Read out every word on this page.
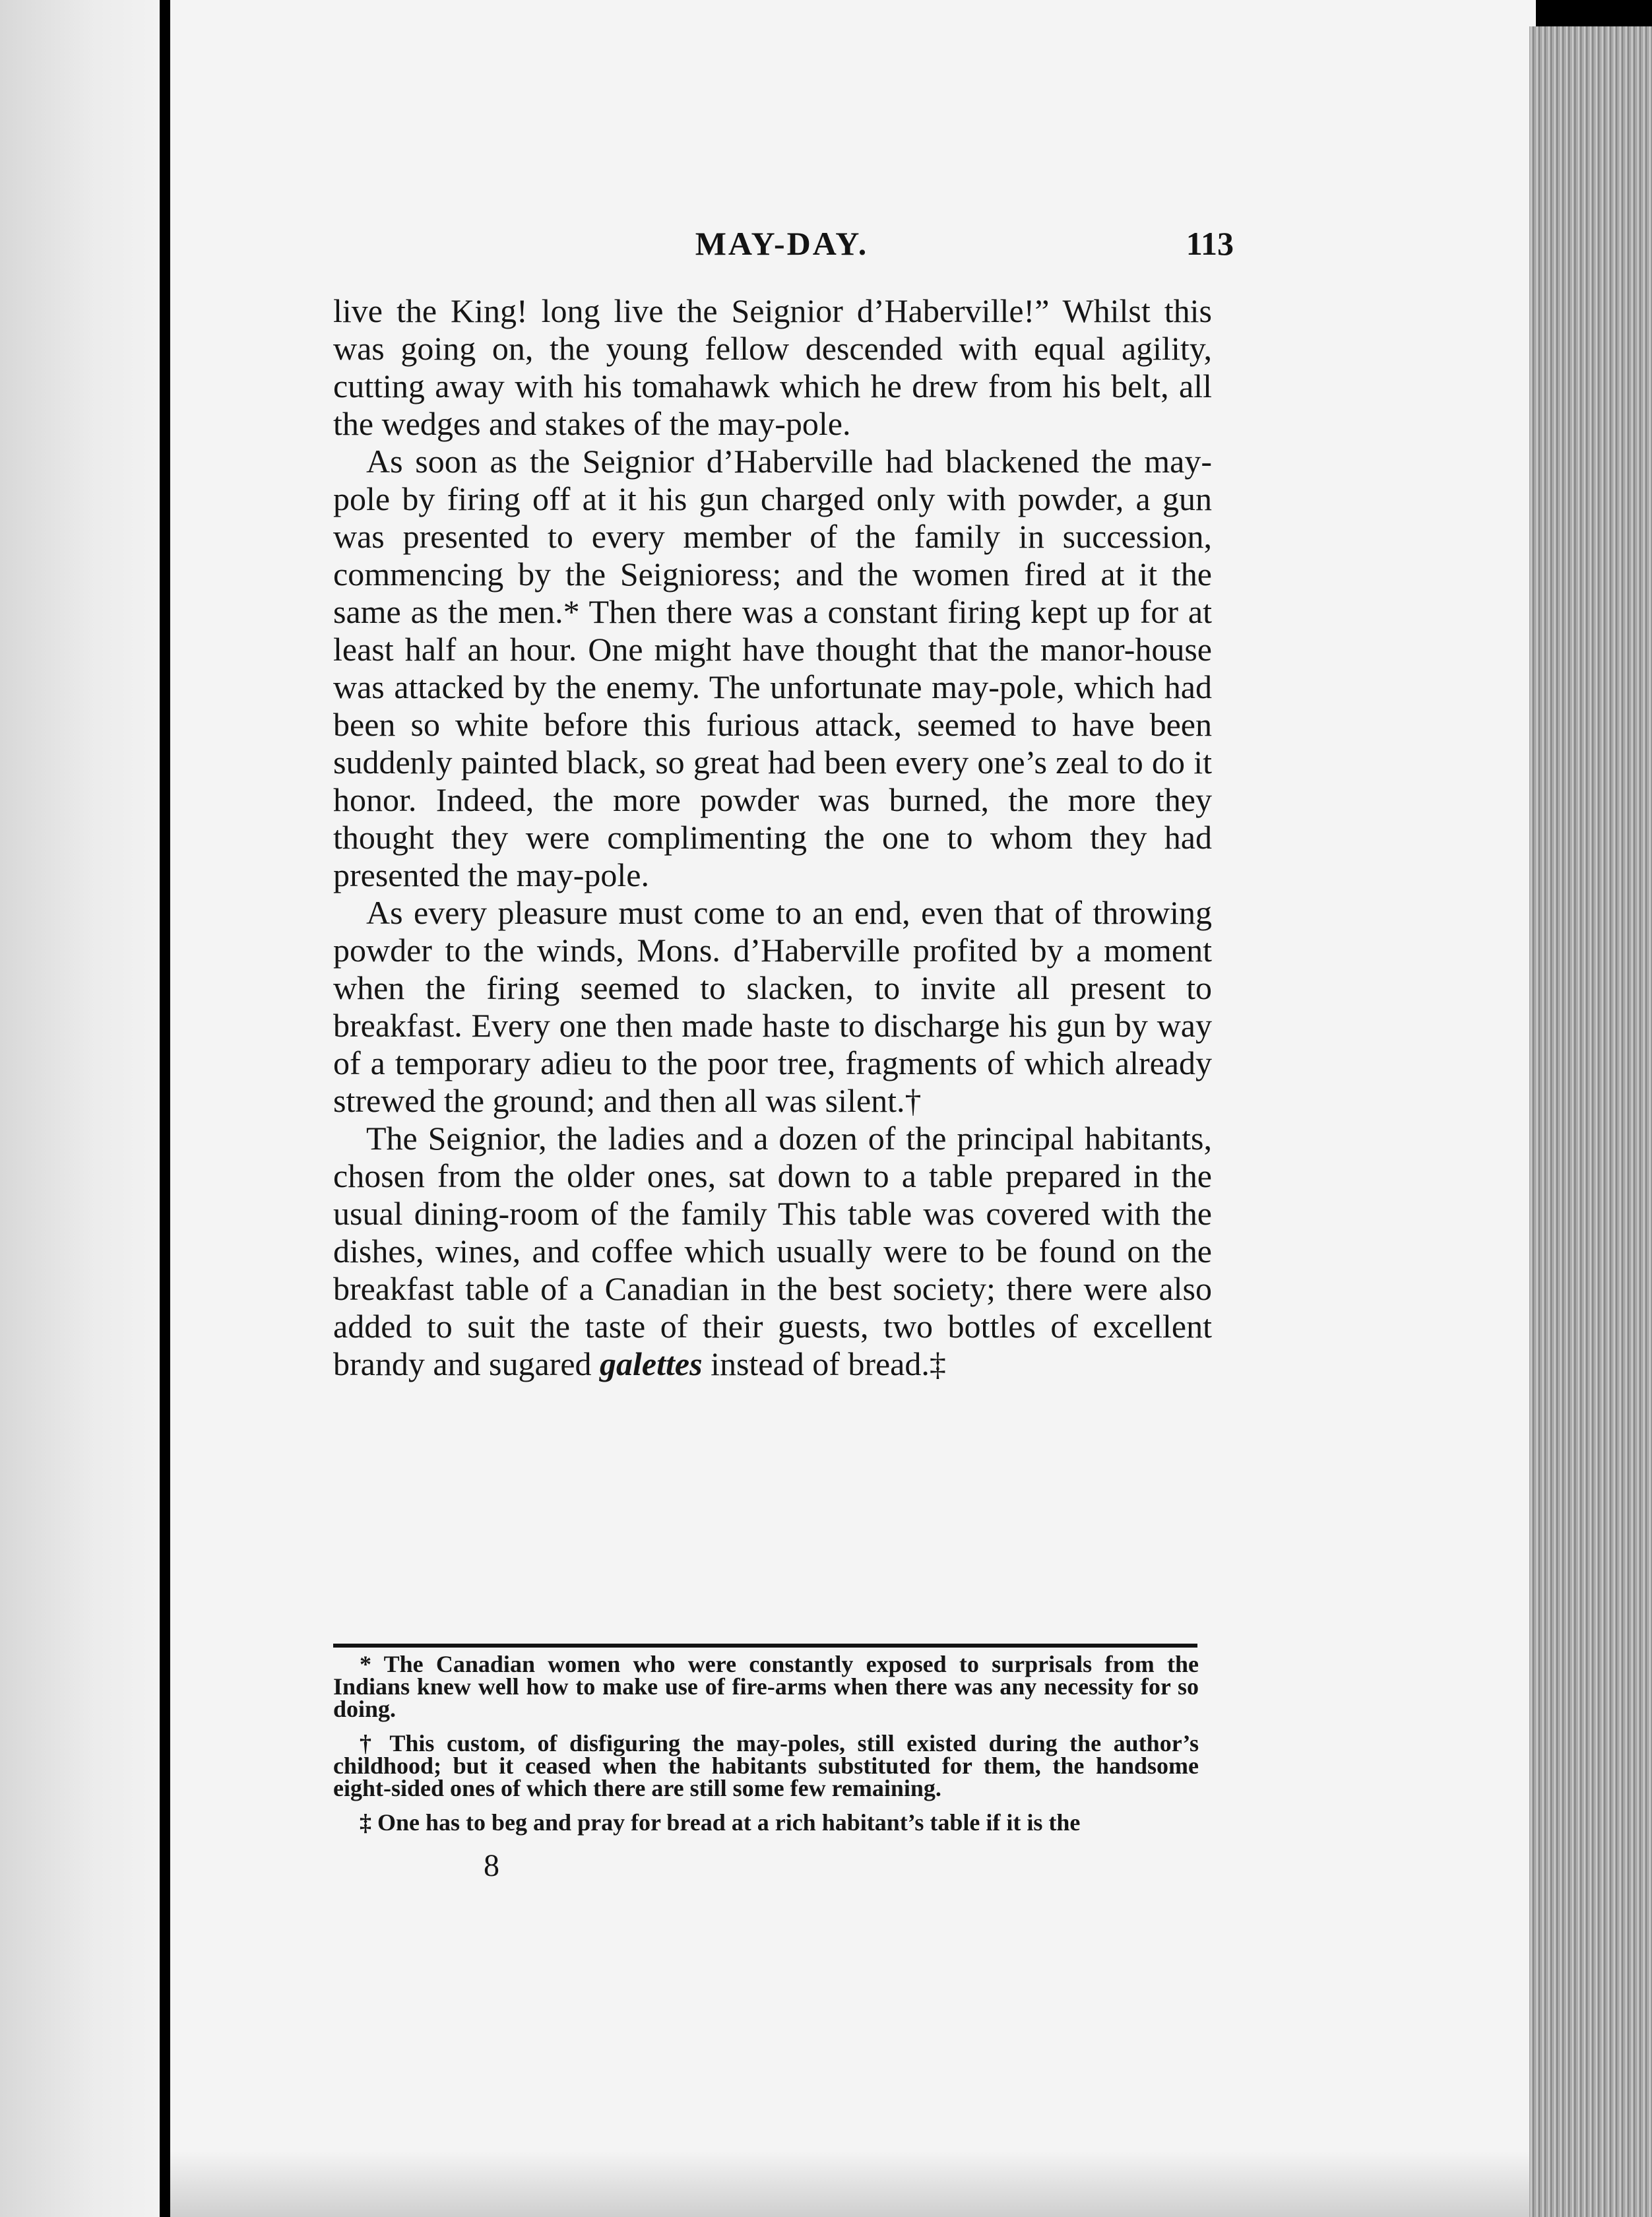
MAY-DAY.	113

live the King! long live the Seignior d’Haberville!” Whilst this was going on, the young fellow descended with equal agility, cutting away with his tomahawk which he drew from his belt, all the wedges and stakes of the may-pole.

As soon as the Seignior d’Haberville had blackened the may-pole by firing off at it his gun charged only with powder, a gun was presented to every member of the family in succession, commencing by the Seignioress; and the women fired at it the same as the men.* Then there was a constant firing kept up for at least half an hour. One might have thought that the manor-house was attacked by the enemy. The unfortunate may-pole, which had been so white before this furious attack, seemed to have been suddenly painted black, so great had been every one’s zeal to do it honor. Indeed, the more powder was burned, the more they thought they were complimenting the one to whom they had presented the may-pole.

As every pleasure must come to an end, even that of throwing powder to the winds, Mons. d’Haberville profited by a moment when the firing seemed to slacken, to invite all present to breakfast. Every one then made haste to discharge his gun by way of a temporary adieu to the poor tree, fragments of which already strewed the ground; and then all was silent.†

The Seignior, the ladies and a dozen of the principal habitants, chosen from the older ones, sat down to a table prepared in the usual dining-room of the family This table was covered with the dishes, wines, and coffee which usually were to be found on the breakfast table of a Canadian in the best society; there were also added to suit the taste of their guests, two bottles of excellent brandy and sugared galettes instead of bread.‡

* The Canadian women who were constantly exposed to surprisals from the Indians knew well how to make use of fire-arms when there was any necessity for so doing.

† This custom, of disfiguring the may-poles, still existed during the author’s childhood; but it ceased when the habitants substituted for them, the handsome eight-sided ones of which there are still some few remaining.

‡ One has to beg and pray for bread at a rich habitant’s table if it is the

8
